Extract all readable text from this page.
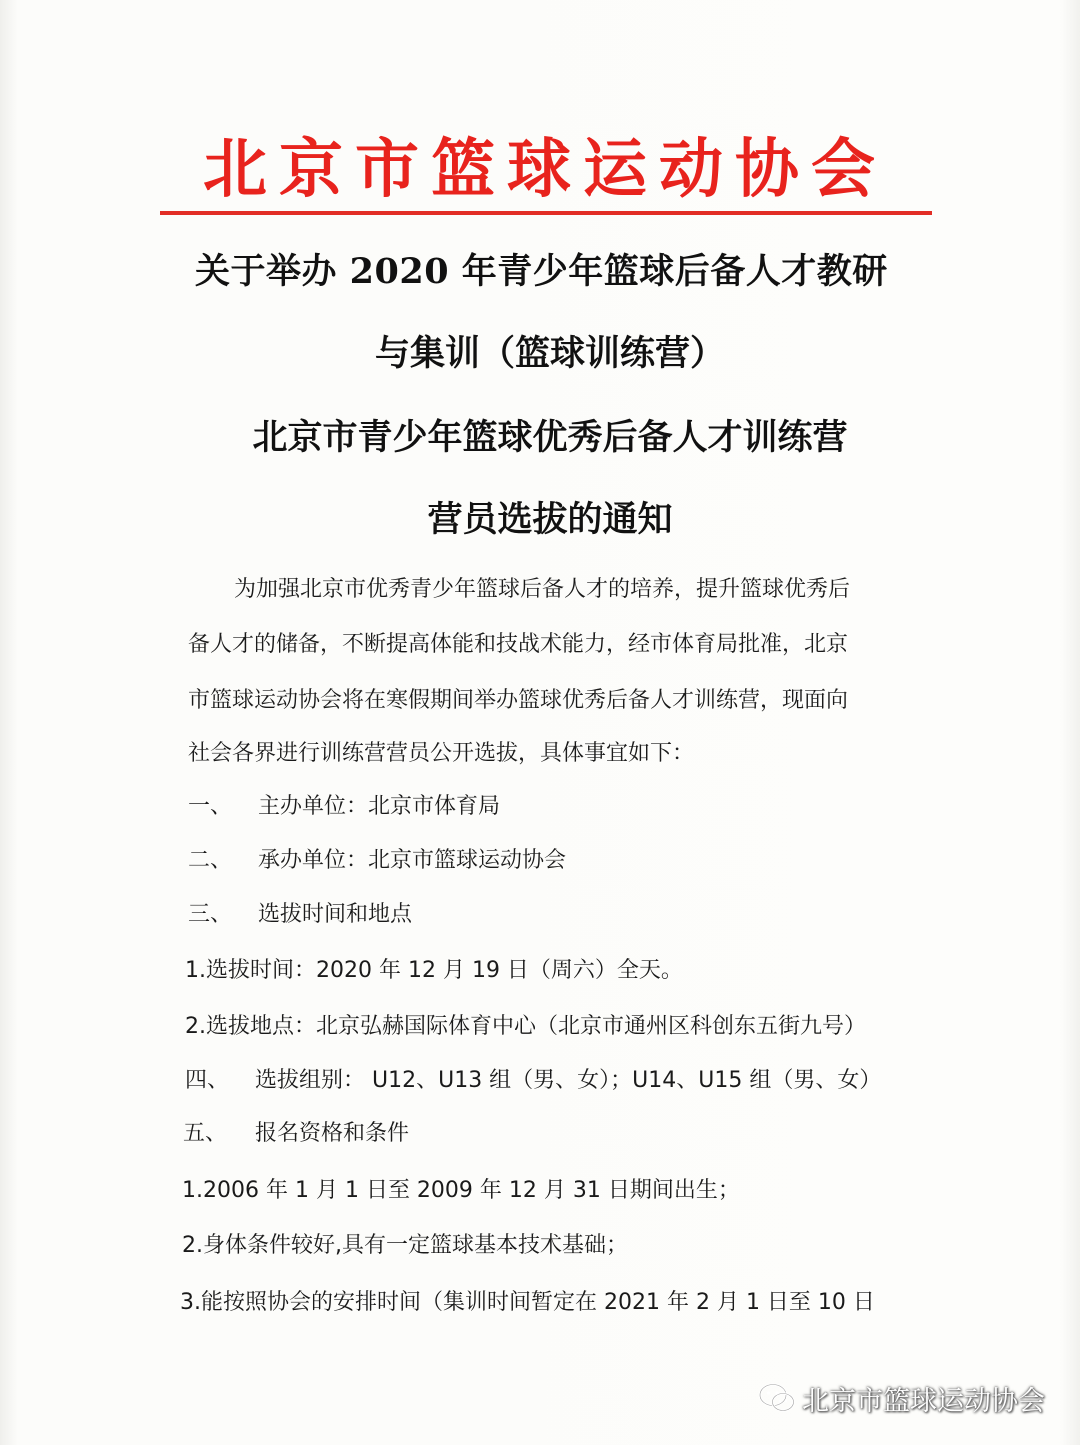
北京市篮球运动协会
关于举办 2020 年青少年篮球后备人才教研
与集训（篮球训练营）
北京市青少年篮球优秀后备人才训练营
营员选拔的通知
为加强北京市优秀青少年篮球后备人才的培养，提升篮球优秀后
备人才的储备，不断提高体能和技战术能力，经市体育局批准，北京
市篮球运动协会将在寒假期间举办篮球优秀后备人才训练营，现面向
社会各界进行训练营营员公开选拔，具体事宜如下：
一、 主办单位：北京市体育局
二、 承办单位：北京市篮球运动协会
三、 选拔时间和地点
1.选拔时间：2020 年 12 月 19 日（周六）全天。
2.选拔地点：北京弘赫国际体育中心（北京市通州区科创东五街九号）
四、 选拔组别： U12、U13 组（男、女）；U14、U15 组（男、女）
五、 报名资格和条件
1.2006 年 1 月 1 日至 2009 年 12 月 31 日期间出生；
2.身体条件较好,具有一定篮球基本技术基础；
3.能按照协会的安排时间（集训时间暂定在 2021 年 2 月 1 日至 10 日
北京市篮球运动协会
